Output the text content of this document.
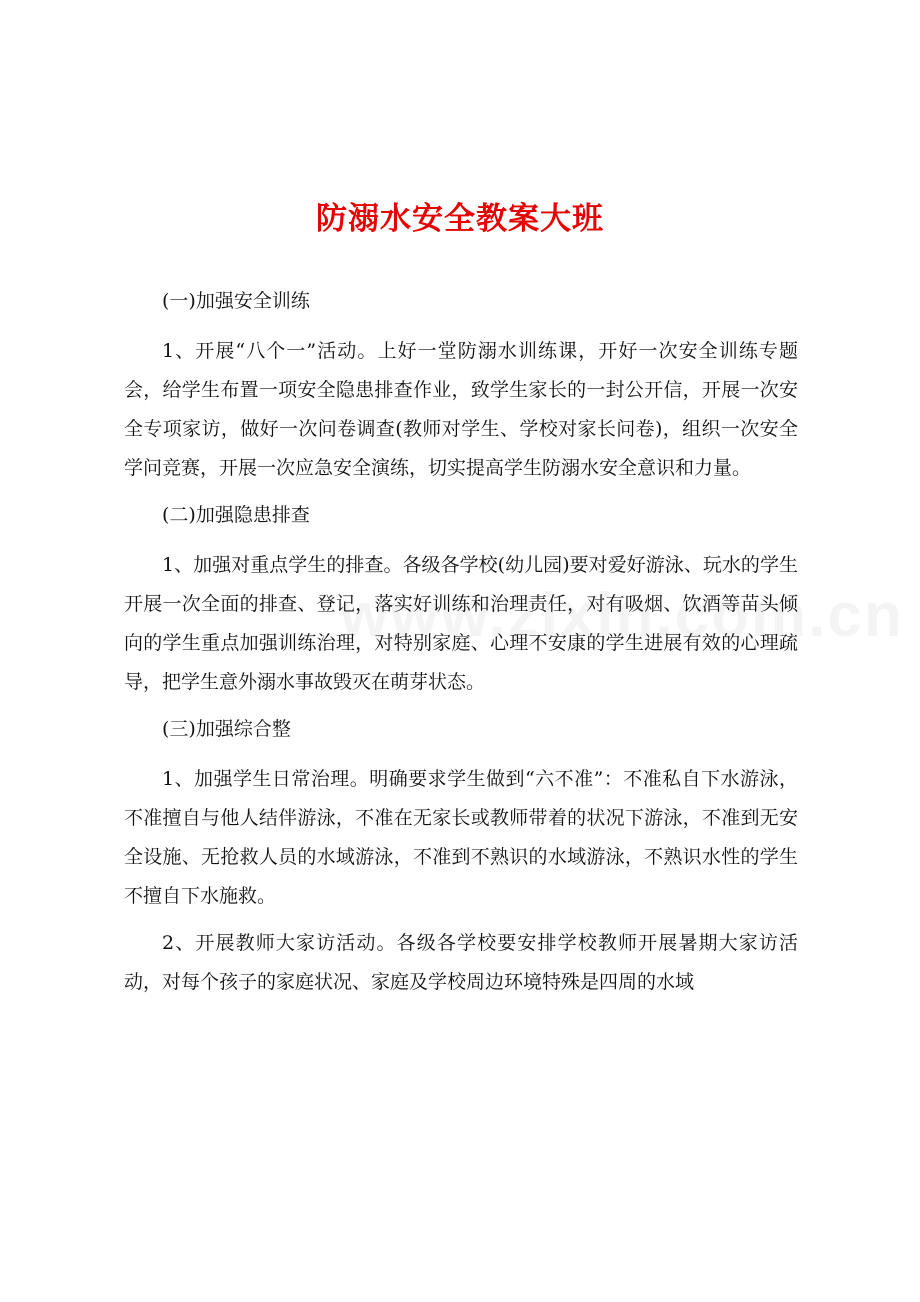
防溺水安全教案大班

(一)加强安全训练

1、开展“八个一”活动。上好一堂防溺水训练课，开好一次安全训练专题会，给学生布置一项安全隐患排查作业，致学生家长的一封公开信，开展一次安全专项家访，做好一次问卷调查(教师对学生、学校对家长问卷)，组织一次安全学问竞赛，开展一次应急安全演练，切实提高学生防溺水安全意识和力量。

(二)加强隐患排查

1、加强对重点学生的排查。各级各学校(幼儿园)要对爱好游泳、玩水的学生开展一次全面的排查、登记，落实好训练和治理责任，对有吸烟、饮酒等苗头倾向的学生重点加强训练治理，对特别家庭、心理不安康的学生进展有效的心理疏导，把学生意外溺水事故毁灭在萌芽状态。

(三)加强综合整

1、加强学生日常治理。明确要求学生做到“六不准”：不准私自下水游泳，不准擅自与他人结伴游泳，不准在无家长或教师带着的状况下游泳，不准到无安全设施、无抢救人员的水域游泳，不准到不熟识的水域游泳，不熟识水性的学生不擅自下水施救。

2、开展教师大家访活动。各级各学校要安排学校教师开展暑期大家访活动，对每个孩子的家庭状况、家庭及学校周边环境特殊是四周的水域
